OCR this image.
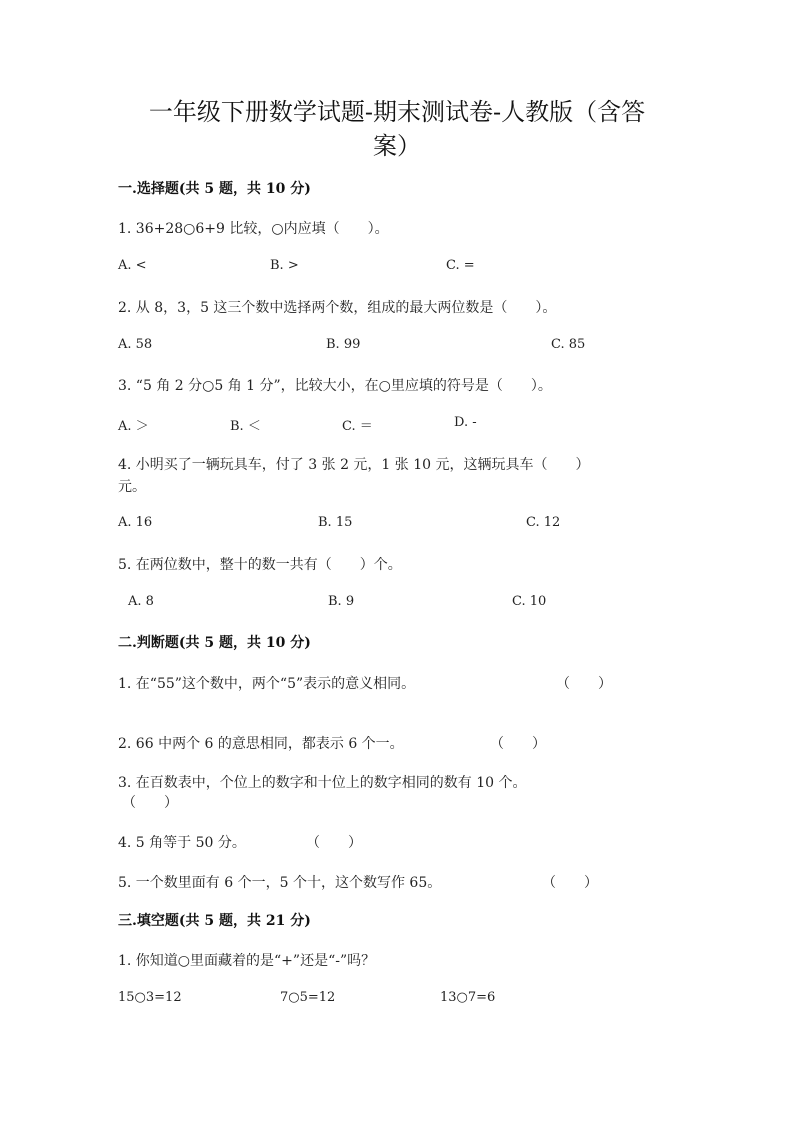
一年级下册数学试题-期末测试卷-人教版（含答
案）
一.选择题(共 5 题，共 10 分)
1. 36+28○6+9 比较，○内应填（　　）。
A. <	B. >	C. =
2. 从 8，3，5 这三个数中选择两个数，组成的最大两位数是（　　）。
A. 58	B. 99	C. 85
3. “5 角 2 分○5 角 1 分”，比较大小，在○里应填的符号是（　　）。
A. ＞	B. ＜	C. ＝	D. -
4. 小明买了一辆玩具车，付了 3 张 2 元，1 张 10 元，这辆玩具车（　　）
元。
A. 16	B. 15	C. 12
5. 在两位数中，整十的数一共有（　　）个。
A. 8	B. 9	C. 10
二.判断题(共 5 题，共 10 分)
1. 在“55”这个数中，两个“5”表示的意义相同。	（　　）
2. 66 中两个 6 的意思相同，都表示 6 个一。	（　　）
3. 在百数表中，个位上的数字和十位上的数字相同的数有 10 个。
（　　）
4. 5 角等于 50 分。	（　　）
5. 一个数里面有 6 个一，5 个十，这个数写作 65。	（　　）
三.填空题(共 5 题，共 21 分)
1. 你知道○里面藏着的是“+”还是“-”吗？
15○3=12	7○5=12	13○7=6
